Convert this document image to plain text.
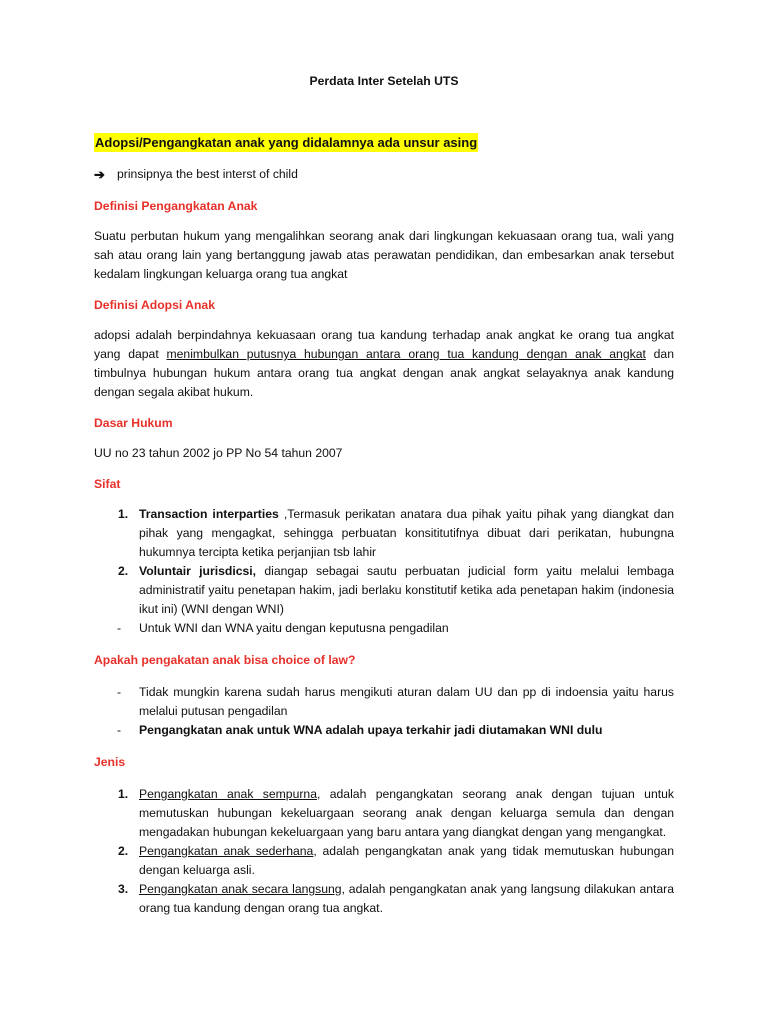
Perdata Inter Setelah UTS
Adopsi/Pengangkatan anak yang didalamnya ada unsur asing
➔ prinsipnya the best interst of child
Definisi Pengangkatan Anak

Suatu perbutan hukum yang mengalihkan seorang anak dari lingkungan kekuasaan orang tua, wali yang sah atau orang lain yang bertanggung jawab atas perawatan pendidikan, dan embesarkan anak tersebut kedalam lingkungan keluarga orang tua angkat

Definisi Adopsi Anak

adopsi adalah berpindahnya kekuasaan orang tua kandung terhadap anak angkat ke orang tua angkat yang dapat menimbulkan putusnya hubungan antara orang tua kandung dengan anak angkat dan timbulnya hubungan hukum antara orang tua angkat dengan anak angkat selayaknya anak kandung dengan segala akibat hukum.

Dasar Hukum

UU no 23 tahun 2002 jo PP No 54 tahun 2007

Sifat
1. Transaction interparties ,Termasuk perikatan anatara dua pihak yaitu pihak yang diangkat dan pihak yang mengagkat, sehingga perbuatan konsititutifnya dibuat dari perikatan, hubungna hukumnya tercipta ketika perjanjian tsb lahir
2. Voluntair jurisdicsi, diangap sebagai sautu perbuatan judicial form yaitu melalui lembaga administratif yaitu penetapan hakim, jadi berlaku konstitutif ketika ada penetapan hakim (indonesia ikut ini) (WNI dengan WNI)
- Untuk WNI dan WNA yaitu dengan keputusna pengadilan
Apakah pengakatan anak bisa choice of law?
- Tidak mungkin karena sudah harus mengikuti aturan dalam UU dan pp di indoensia yaitu harus melalui putusan pengadilan
- Pengangkatan anak untuk WNA adalah upaya terkahir jadi diutamakan WNI dulu
Jenis
1. Pengangkatan anak sempurna, adalah pengangkatan seorang anak dengan tujuan untuk memutuskan hubungan kekeluargaan seorang anak dengan keluarga semula dan dengan mengadakan hubungan kekeluargaan yang baru antara yang diangkat dengan yang mengangkat.
2. Pengangkatan anak sederhana, adalah pengangkatan anak yang tidak memutuskan hubungan dengan keluarga asli.
3. Pengangkatan anak secara langsung, adalah pengangkatan anak yang langsung dilakukan antara orang tua kandung dengan orang tua angkat.
